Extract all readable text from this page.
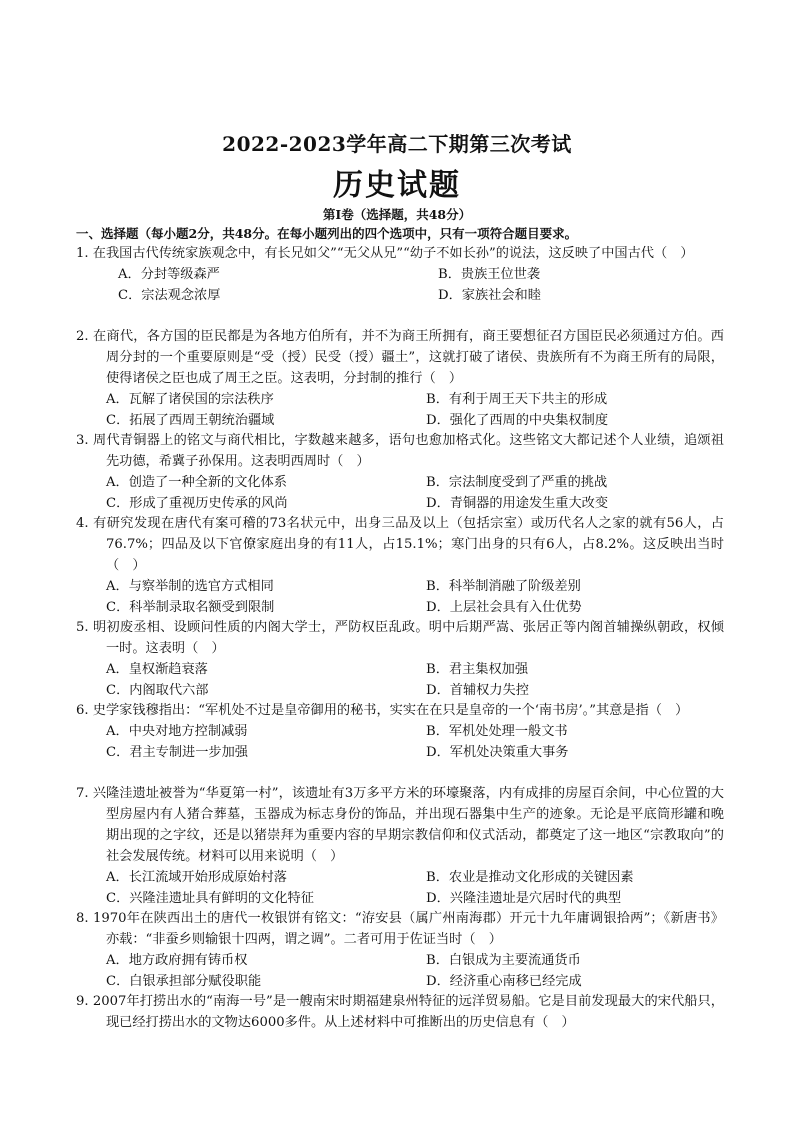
2022-2023学年高二下期第三次考试
历史试题
第Ⅰ卷（选择题，共48分）
一、选择题（每小题2分，共48分。在每小题列出的四个选项中，只有一项符合题目要求。
1. 在我国古代传统家族观念中，有长兄如父”“无父从兄”“幼子不如长孙”的说法，这反映了中国古代（　）
A．分封等级森严	B．贵族王位世袭
C．宗法观念浓厚	D．家族社会和睦
2. 在商代，各方国的臣民都是为各地方伯所有，并不为商王所拥有，商王要想征召方国臣民必须通过方伯。西周分封的一个重要原则是“受（授）民受（授）疆土”，这就打破了诸侯、贵族所有不为商王所有的局限，使得诸侯之臣也成了周王之臣。这表明，分封制的推行（　）
A．瓦解了诸侯国的宗法秩序	B．有利于周王天下共主的形成
C．拓展了西周王朝统治疆域	D．强化了西周的中央集权制度
3. 周代青铜器上的铭文与商代相比，字数越来越多，语句也愈加格式化。这些铭文大都记述个人业绩，追颂祖先功德，希冀子孙保用。这表明西周时（　）
A．创造了一种全新的文化体系	B．宗法制度受到了严重的挑战
C．形成了重视历史传承的风尚	D．青铜器的用途发生重大改变
4. 有研究发现在唐代有案可稽的73名状元中，出身三品及以上（包括宗室）或历代名人之家的就有56人，占76.7%；四品及以下官僚家庭出身的有11人，占15.1%；寒门出身的只有6人，占8.2%。这反映出当时（　）
A．与察举制的选官方式相同	B．科举制消融了阶级差别
C．科举制录取名额受到限制	D．上层社会具有入仕优势
5. 明初废丞相、设顾问性质的内阁大学士，严防权臣乱政。明中后期严嵩、张居正等内阁首辅操纵朝政，权倾一时。这表明（　）
A．皇权渐趋衰落	B．君主集权加强
C．内阁取代六部	D．首辅权力失控
6. 史学家钱穆指出：“军机处不过是皇帝御用的秘书，实实在在只是皇帝的一个‘南书房’。”其意是指（　）
A．中央对地方控制减弱	B．军机处处理一般文书
C．君主专制进一步加强	D．军机处决策重大事务
7. 兴隆洼遗址被誉为“华夏第一村”，该遗址有3万多平方米的环壕聚落，内有成排的房屋百余间，中心位置的大型房屋内有人猪合葬墓，玉器成为标志身份的饰品，并出现石器集中生产的迹象。无论是平底筒形罐和晚期出现的之字纹，还是以猪崇拜为重要内容的早期宗教信仰和仪式活动，都奠定了这一地区“宗教取向”的社会发展传统。材料可以用来说明（　）
A．长江流域开始形成原始村落	B．农业是推动文化形成的关键因素
C．兴隆洼遗址具有鲜明的文化特征	D．兴隆洼遗址是穴居时代的典型
8. 1970年在陕西出土的唐代一枚银饼有铭文：“洊安县（属广州南海郡）开元十九年庸调银拾两”；《新唐书》亦载：“非蚕乡则输银十四两，谓之调”。二者可用于佐证当时（　）
A．地方政府拥有铸币权	B．白银成为主要流通货币
C．白银承担部分赋役职能	D．经济重心南移已经完成
9. 2007年打捞出水的“南海一号”是一艘南宋时期福建泉州特征的远洋贸易船。它是目前发现最大的宋代船只，现已经打捞出水的文物达6000多件。从上述材料中可推断出的历史信息有（　）
